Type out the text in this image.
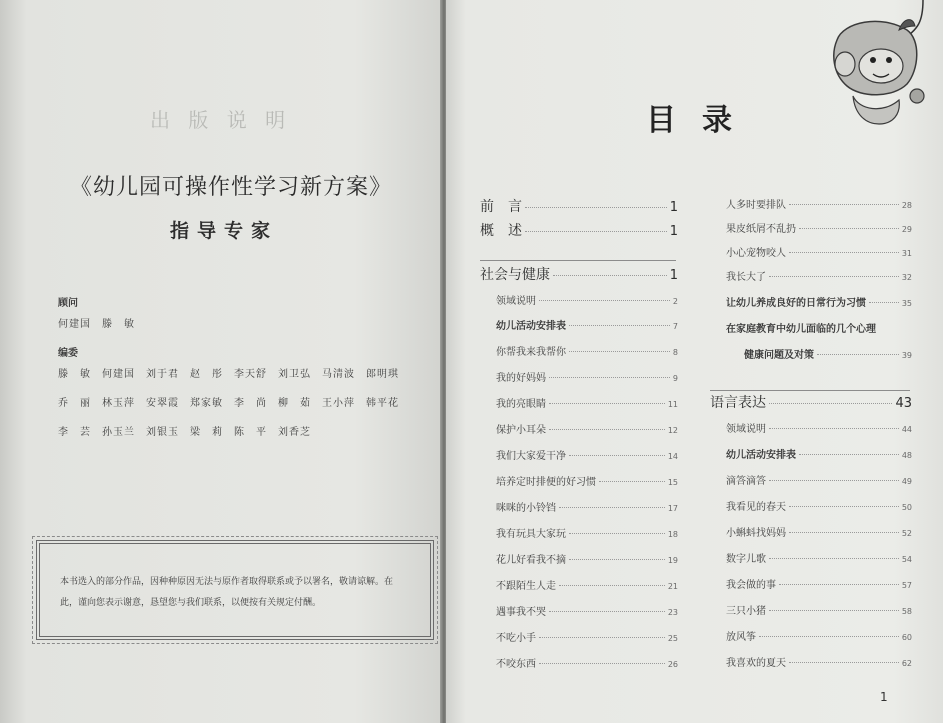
出 版 说 明
《幼儿园可操作性学习新方案》
指导专家
顾问
何建国　滕　敏
编委
滕　敏　何建国　刘于君　赵　彤　李天舒　刘卫弘　马清波　郎明琪
乔　丽　林玉萍　安翠霞　郑家敏　李　尚　柳　茹　王小萍　韩平花
李　芸　孙玉兰　刘银玉　梁　莉　陈　平　刘香芝
本书选入的部分作品，因种种原因无法与原作者取得联系或予以署名，敬请谅解。在此，谨向您表示谢意，恳望您与我们联系，以便按有关规定付酬。
目录
前　言	1
概　述	1
社会与健康	1
领域说明	2
幼儿活动安排表	7
你帮我来我帮你	8
我的好妈妈	9
我的亮眼睛	11
保护小耳朵	12
我们大家爱干净	14
培养定时排便的好习惯	15
咪咪的小铃铛	17
我有玩具大家玩	18
花儿好看我不摘	19
不跟陌生人走	21
遇事我不哭	23
不吃小手	25
不咬东西	26
人多时要排队	28
果皮纸屑不乱扔	29
小心宠物咬人	31
我长大了	32
让幼儿养成良好的日常行为习惯	35
在家庭教育中幼儿面临的几个心理
健康问题及对策	39
语言表达	43
领域说明	44
幼儿活动安排表	48
滴答滴答	49
我看见的春天	50
小蝌蚪找妈妈	52
数字儿歌	54
我会做的事	57
三只小猪	58
放风筝	60
我喜欢的夏天	62
1
